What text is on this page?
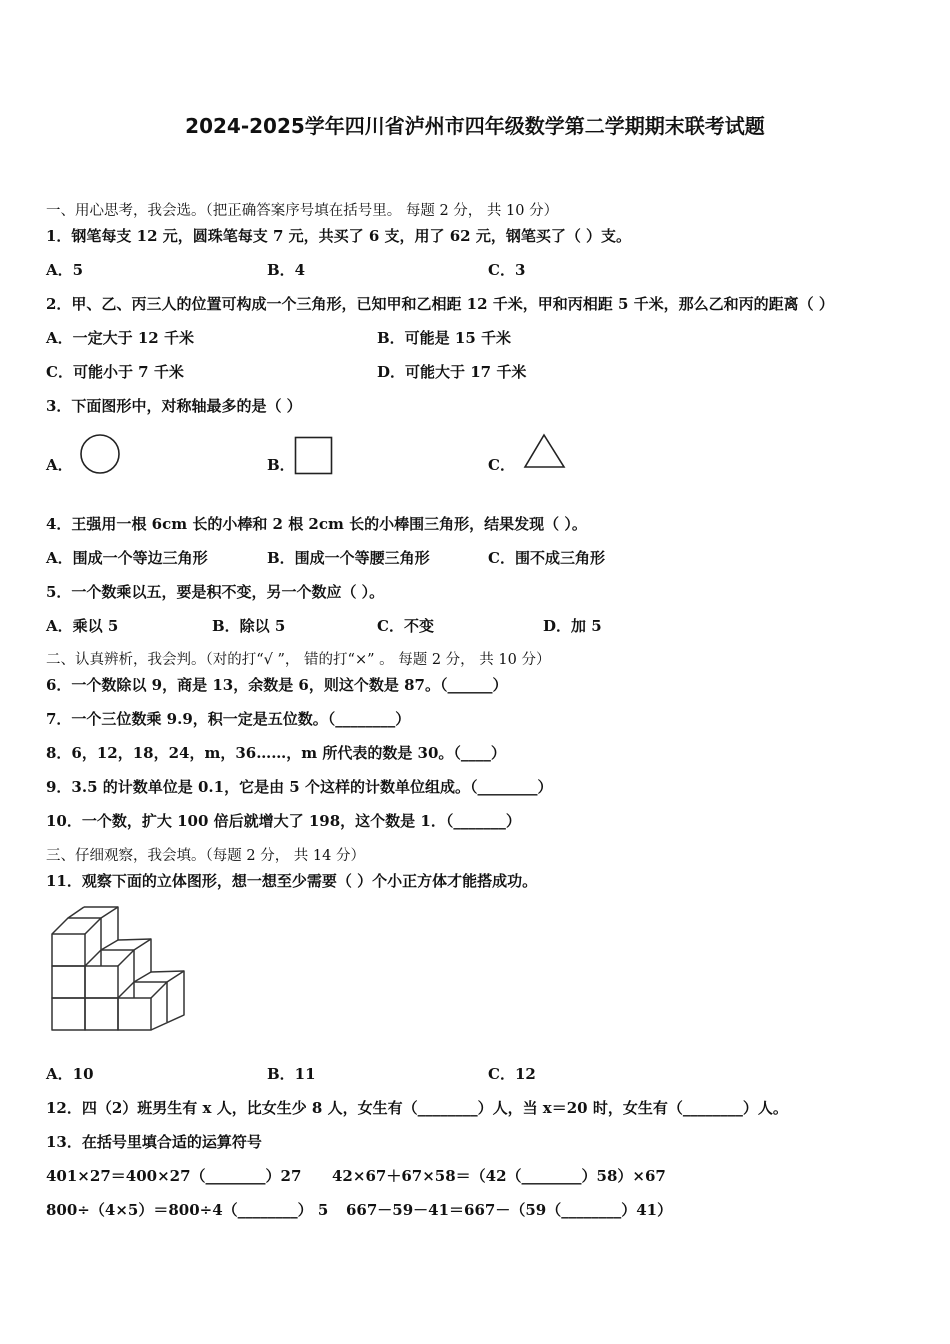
2024-2025学年四川省泸州市四年级数学第二学期期末联考试题
一、用心思考，我会选。（把正确答案序号填在括号里。 每题 2 分， 共 10 分）
1．钢笔每支 12 元，圆珠笔每支 7 元，共买了 6 支，用了 62 元，钢笔买了（ ）支。
A．5	B．4	C．3
2．甲、乙、丙三人的位置可构成一个三角形，已知甲和乙相距 12 千米，甲和丙相距 5 千米，那么乙和丙的距离（ ）
A．一定大于 12 千米	B．可能是 15 千米
C．可能小于 7 千米	D．可能大于 17 千米
3．下面图形中，对称轴最多的是（ ）
A．	B．	C．
4．王强用一根 6cm 长的小棒和 2 根 2cm 长的小棒围三角形，结果发现（ ）。
A．围成一个等边三角形	B．围成一个等腰三角形	C．围不成三角形
5．一个数乘以五，要是积不变，另一个数应（ ）。
A．乘以 5	B．除以 5	C．不变	D．加 5
二、认真辨析，我会判。（对的打“√ ”， 错的打“×” 。 每题 2 分， 共 10 分）
6．一个数除以 9，商是 13，余数是 6，则这个数是 87。（______）
7．一个三位数乘 9.9，积一定是五位数。（________）
8．6，12，18，24，m，36……，m 所代表的数是 30。（____）
9．3.5 的计数单位是 0.1，它是由 5 个这样的计数单位组成。（________）
10．一个数，扩大 100 倍后就增大了 198，这个数是 1．（_______）
三、仔细观察，我会填。（每题 2 分， 共 14 分）
11．观察下面的立体图形，想一想至少需要（ ）个小正方体才能搭成功。
A．10	B．11	C．12
12．四（2）班男生有 x 人，比女生少 8 人，女生有（________）人，当 x＝20 时，女生有（________）人。
13．在括号里填合适的运算符号
401×27＝400×27（________）27 42×67＋67×58＝（42（________）58）×67
800÷（4×5）＝800÷4（________） 5 667－59－41＝667－（59（________）41）
